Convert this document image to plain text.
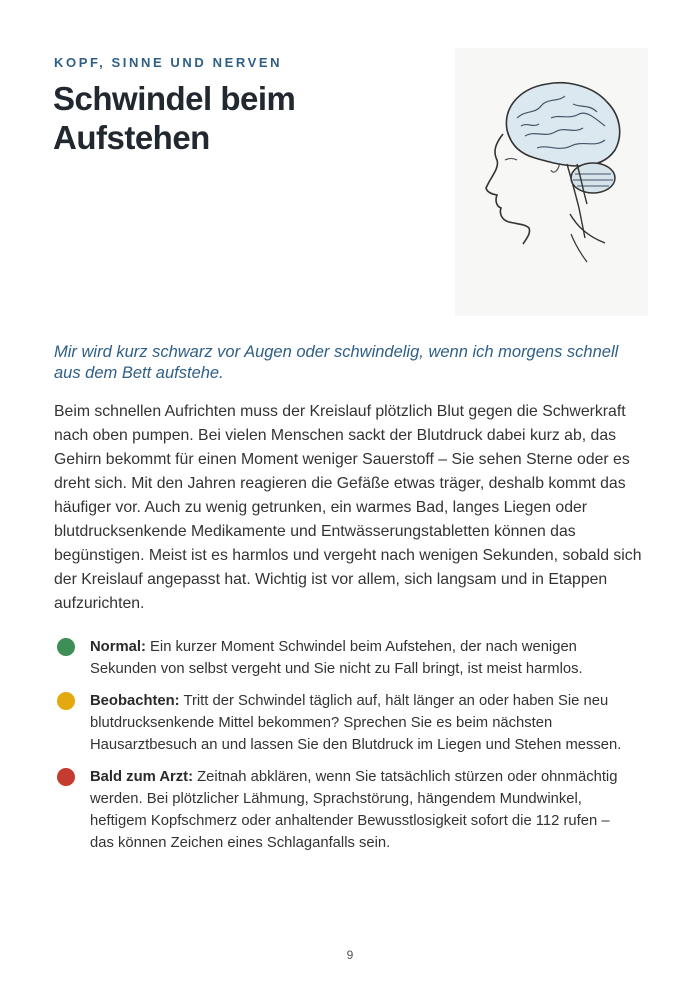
KOPF, SINNE UND NERVEN
Schwindel beim Aufstehen

Mir wird kurz schwarz vor Augen oder schwindelig, wenn ich morgens schnell aus dem Bett aufstehe.

Beim schnellen Aufrichten muss der Kreislauf plötzlich Blut gegen die Schwerkraft nach oben pumpen. Bei vielen Menschen sackt der Blutdruck dabei kurz ab, das Gehirn bekommt für einen Moment weniger Sauerstoff – Sie sehen Sterne oder es dreht sich. Mit den Jahren reagieren die Gefäße etwas träger, deshalb kommt das häufiger vor. Auch zu wenig getrunken, ein warmes Bad, langes Liegen oder blutdrucksenkende Medikamente und Entwässerungstabletten können das begünstigen. Meist ist es harmlos und vergeht nach wenigen Sekunden, sobald sich der Kreislauf angepasst hat. Wichtig ist vor allem, sich langsam und in Etappen aufzurichten.

Normal: Ein kurzer Moment Schwindel beim Aufstehen, der nach wenigen Sekunden von selbst vergeht und Sie nicht zu Fall bringt, ist meist harmlos.
Beobachten: Tritt der Schwindel täglich auf, hält länger an oder haben Sie neu blutdrucksenkende Mittel bekommen? Sprechen Sie es beim nächsten Hausarztbesuch an und lassen Sie den Blutdruck im Liegen und Stehen messen.
Bald zum Arzt: Zeitnah abklären, wenn Sie tatsächlich stürzen oder ohnmächtig werden. Bei plötzlicher Lähmung, Sprachstörung, hängendem Mundwinkel, heftigem Kopfschmerz oder anhaltender Bewusstlosigkeit sofort die 112 rufen – das können Zeichen eines Schlaganfalls sein.
9
